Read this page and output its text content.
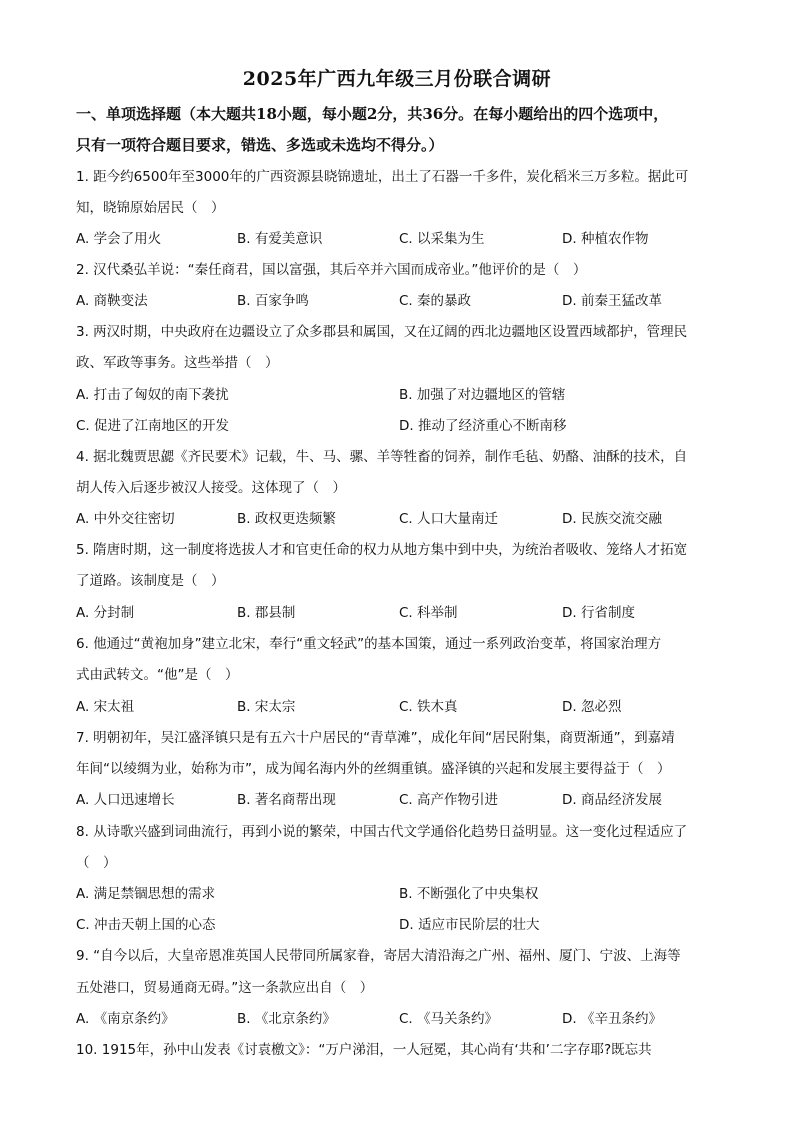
2025年广西九年级三月份联合调研
一、单项选择题（本大题共18小题，每小题2分，共36分。在每小题给出的四个选项中，
只有一项符合题目要求，错选、多选或未选均不得分。）
1. 距今约6500年至3000年的广西资源县晓锦遗址，出土了石器一千多件，炭化稻米三万多粒。据此可
知，晓锦原始居民（　）
A. 学会了用火	B. 有爱美意识	C. 以采集为生	D. 种植农作物
2. 汉代桑弘羊说：“秦任商君，国以富强，其后卒并六国而成帝业。”他评价的是（　）
A. 商鞅变法	B. 百家争鸣	C. 秦的暴政	D. 前秦王猛改革
3. 两汉时期，中央政府在边疆设立了众多郡县和属国，又在辽阔的西北边疆地区设置西域都护，管理民
政、军政等事务。这些举措（　）
A. 打击了匈奴的南下袭扰	B. 加强了对边疆地区的管辖
C. 促进了江南地区的开发	D. 推动了经济重心不断南移
4. 据北魏贾思勰《齐民要术》记载，牛、马、骡、羊等牲畜的饲养，制作毛毡、奶酪、油酥的技术，自
胡人传入后逐步被汉人接受。这体现了（　）
A. 中外交往密切	B. 政权更迭频繁	C. 人口大量南迁	D. 民族交流交融
5. 隋唐时期，这一制度将选拔人才和官吏任命的权力从地方集中到中央，为统治者吸收、笼络人才拓宽
了道路。该制度是（　）
A. 分封制	B. 郡县制	C. 科举制	D. 行省制度
6. 他通过“黄袍加身”建立北宋，奉行“重文轻武”的基本国策，通过一系列政治变革，将国家治理方
式由武转文。“他”是（　）
A. 宋太祖	B. 宋太宗	C. 铁木真	D. 忽必烈
7. 明朝初年，吴江盛泽镇只是有五六十户居民的“青草滩”，成化年间“居民附集，商贾渐通”，到嘉靖
年间“以绫绸为业，始称为市”，成为闻名海内外的丝绸重镇。盛泽镇的兴起和发展主要得益于（　）
A. 人口迅速增长	B. 著名商帮出现	C. 高产作物引进	D. 商品经济发展
8. 从诗歌兴盛到词曲流行，再到小说的繁荣，中国古代文学通俗化趋势日益明显。这一变化过程适应了
（　）
A. 满足禁锢思想的需求	B. 不断强化了中央集权
C. 冲击天朝上国的心态	D. 适应市民阶层的壮大
9. “自今以后，大皇帝恩准英国人民带同所属家眷，寄居大清沿海之广州、福州、厦门、宁波、上海等
五处港口，贸易通商无碍。”这一条款应出自（　）
A. 《南京条约》	B. 《北京条约》	C. 《马关条约》	D. 《辛丑条约》
10. 1915年，孙中山发表《讨袁檄文》：“万户涕泪，一人冠冕，其心尚有‘共和’二字存耶?既忘共
